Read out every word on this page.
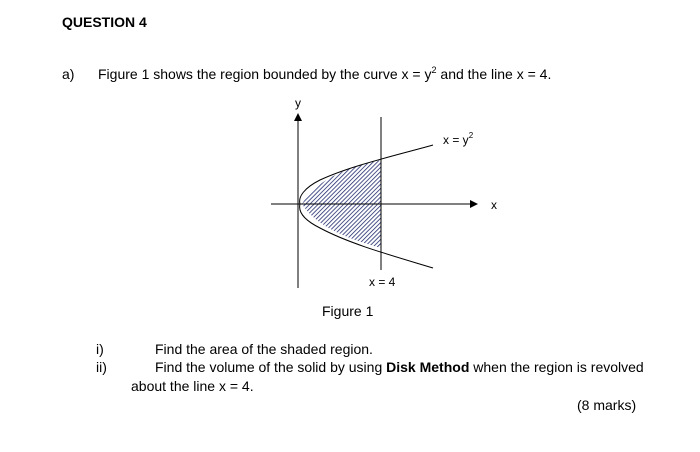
QUESTION 4
a) Figure 1 shows the region bounded by the curve $x = y^2$ and the line x = 4.
y
x
$x = y^2$
x = 4
Figure 1
i)	Find the area of the shaded region.
ii)	Find the volume of the solid by using Disk Method when the region is revolved
about the line x = 4.
(8 marks)
